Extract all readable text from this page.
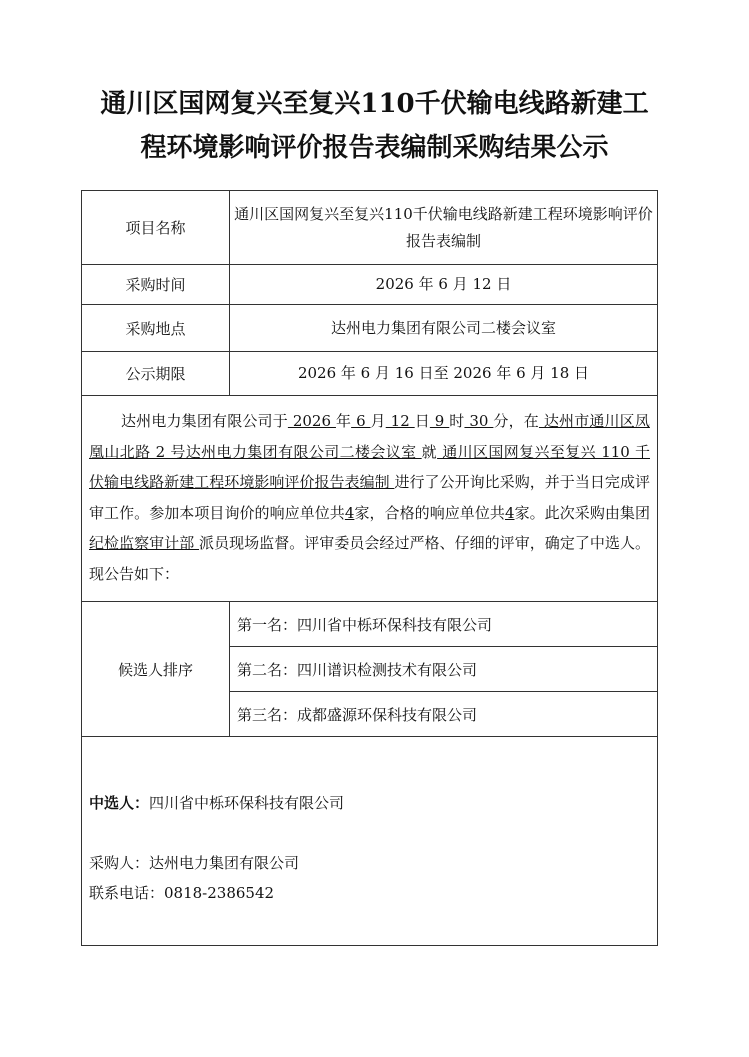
通川区国网复兴至复兴110千伏输电线路新建工
程环境影响评价报告表编制采购结果公示
项目名称	通川区国网复兴至复兴110千伏输电线路新建工程环境影响评价报告表编制
采购时间	2026 年 6 月 12 日
采购地点	达州电力集团有限公司二楼会议室
公示期限	2026 年 6 月 16 日至 2026 年 6 月 18 日

达州电力集团有限公司于 2026 年 6 月 12 日 9 时 30 分，在 达州市通川区凤凰山北路 2 号达州电力集团有限公司二楼会议室 就 通川区国网复兴至复兴 110 千伏输电线路新建工程环境影响评价报告表编制 进行了公开询比采购，并于当日完成评审工作。参加本项目询价的响应单位共4家，合格的响应单位共4家。此次采购由集团 纪检监察审计部 派员现场监督。评审委员会经过严格、仔细的评审，确定了中选人。现公告如下：	

候选人排序	第一名：四川省中栎环保科技有限公司
	第二名：四川谱识检测技术有限公司
	第三名：成都盛源环保科技有限公司

中选人：四川省中栎环保科技有限公司
采购人：达州电力集团有限公司
联系电话：0818-2386542	
